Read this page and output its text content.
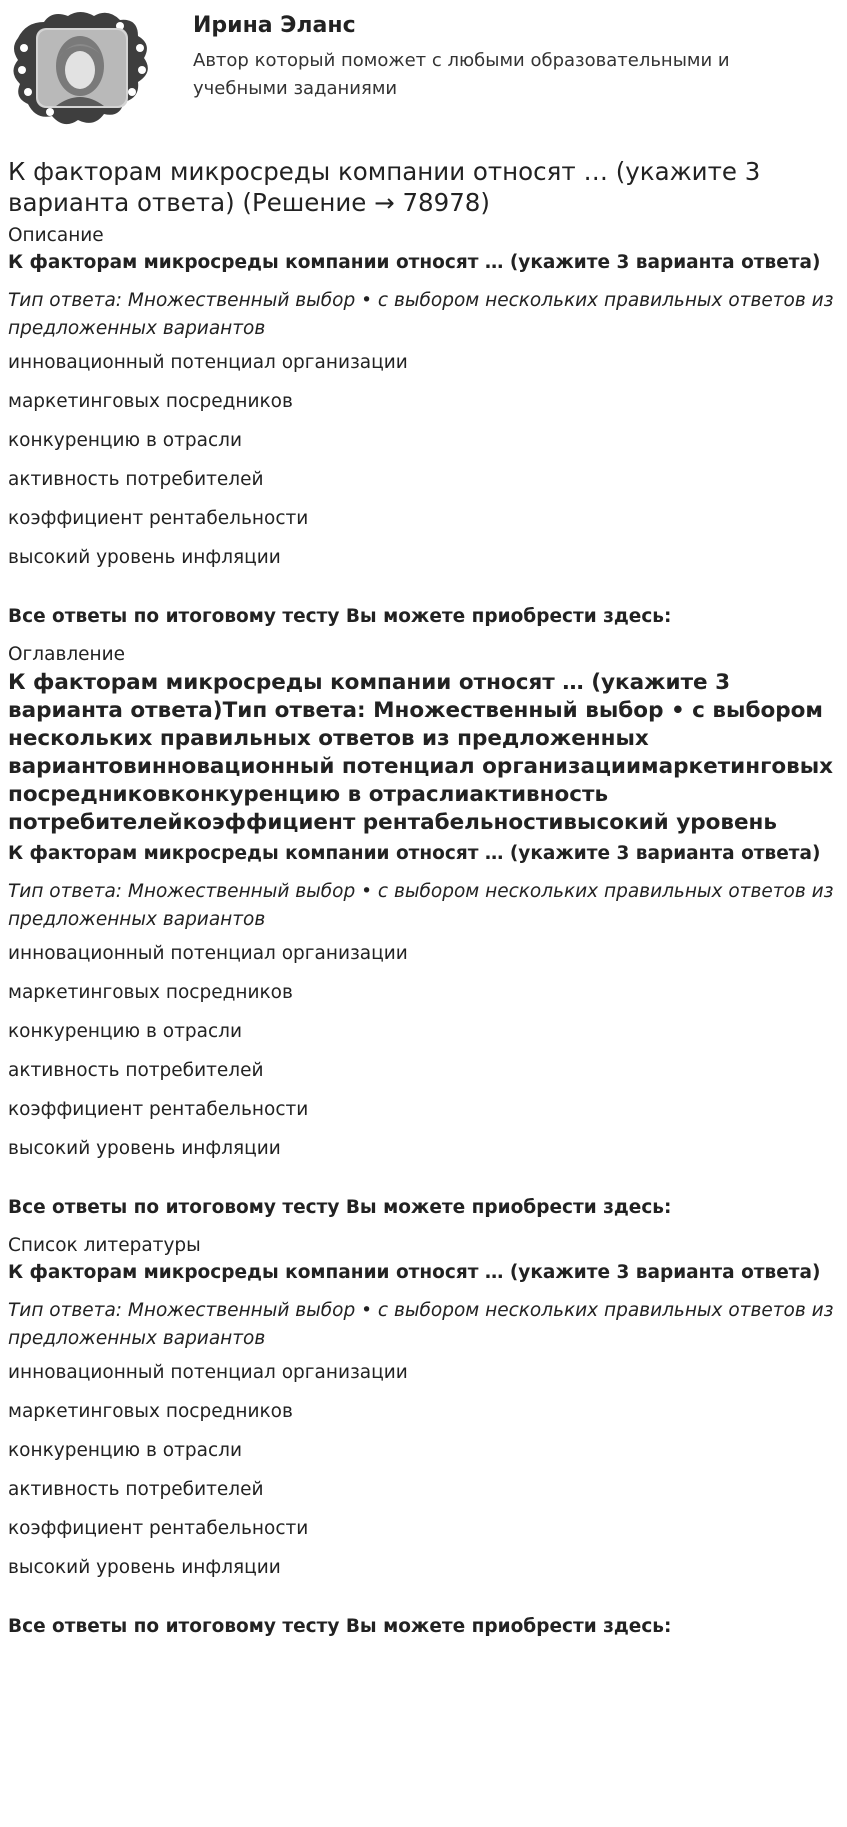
Ирина Эланс
Автор который поможет с любыми образовательными и
учебными заданиями
К факторам микросреды компании относят … (укажите 3 варианта ответа) (Решение → 78978)
Описание
К факторам микросреды компании относят … (укажите 3 варианта ответа)
Тип ответа: Множественный выбор • с выбором нескольких правильных ответов из предложенных вариантов
инновационный потенциал организации
маркетинговых посредников
конкуренцию в отрасли
активность потребителей
коэффициент рентабельности
высокий уровень инфляции
Все ответы по итоговому тесту Вы можете приобрести здесь:
Оглавление
К факторам микросреды компании относят … (укажите 3 варианта ответа)Тип ответа: Множественный выбор • с выбором нескольких правильных ответов из предложенных вариантовинновационный потенциал организациимаркетинговых посредниковконкуренцию в отраслиактивность потребителейкоэффициент рентабельностивысокий уровень
К факторам микросреды компании относят … (укажите 3 варианта ответа)
Тип ответа: Множественный выбор • с выбором нескольких правильных ответов из предложенных вариантов
инновационный потенциал организации
маркетинговых посредников
конкуренцию в отрасли
активность потребителей
коэффициент рентабельности
высокий уровень инфляции
Все ответы по итоговому тесту Вы можете приобрести здесь:
Список литературы
К факторам микросреды компании относят … (укажите 3 варианта ответа)
Тип ответа: Множественный выбор • с выбором нескольких правильных ответов из предложенных вариантов
инновационный потенциал организации
маркетинговых посредников
конкуренцию в отрасли
активность потребителей
коэффициент рентабельности
высокий уровень инфляции
Все ответы по итоговому тесту Вы можете приобрести здесь:
